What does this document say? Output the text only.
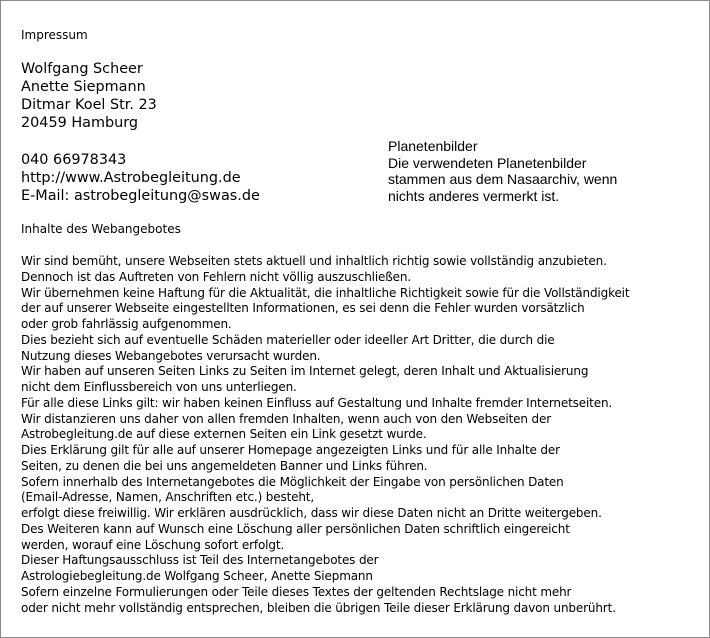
Impressum
Wolfgang Scheer
Anette Siepmann
Ditmar Koel Str. 23
20459 Hamburg
040 66978343
http://www.Astrobegleitung.de
E-Mail: astrobegleitung@swas.de
Planetenbilder
Die verwendeten Planetenbilder
stammen aus dem Nasaarchiv, wenn
nichts anderes vermerkt ist.
Inhalte des Webangebotes
Wir sind bemüht, unsere Webseiten stets aktuell und inhaltlich richtig sowie vollständig anzubieten.
Dennoch ist das Auftreten von Fehlern nicht völlig auszuschließen.
Wir übernehmen keine Haftung für die Aktualität, die inhaltliche Richtigkeit sowie für die Vollständigkeit
der auf unserer Webseite eingestellten Informationen, es sei denn die Fehler wurden vorsätzlich
oder grob fahrlässig aufgenommen.
Dies bezieht sich auf eventuelle Schäden materieller oder ideeller Art Dritter, die durch die
Nutzung dieses Webangebotes verursacht wurden.
Wir haben auf unseren Seiten Links zu Seiten im Internet gelegt, deren Inhalt und Aktualisierung
nicht dem Einflussbereich von uns unterliegen.
Für alle diese Links gilt: wir haben keinen Einfluss auf Gestaltung und Inhalte fremder Internetseiten.
Wir distanzieren uns daher von allen fremden Inhalten, wenn auch von den Webseiten der
Astrobegleitung.de auf diese externen Seiten ein Link gesetzt wurde.
Dies Erklärung gilt für alle auf unserer Homepage angezeigten Links und für alle Inhalte der
Seiten, zu denen die bei uns angemeldeten Banner und Links führen.
Sofern innerhalb des Internetangebotes die Möglichkeit der Eingabe von persönlichen Daten
(Email-Adresse, Namen, Anschriften etc.) besteht,
erfolgt diese freiwillig. Wir erklären ausdrücklich, dass wir diese Daten nicht an Dritte weitergeben.
Des Weiteren kann auf Wunsch eine Löschung aller persönlichen Daten schriftlich eingereicht
werden, worauf eine Löschung sofort erfolgt.
Dieser Haftungsausschluss ist Teil des Internetangebotes der
Astrologiebegleitung.de Wolfgang Scheer, Anette Siepmann
Sofern einzelne Formulierungen oder Teile dieses Textes der geltenden Rechtslage nicht mehr
oder nicht mehr vollständig entsprechen, bleiben die übrigen Teile dieser Erklärung davon unberührt.
